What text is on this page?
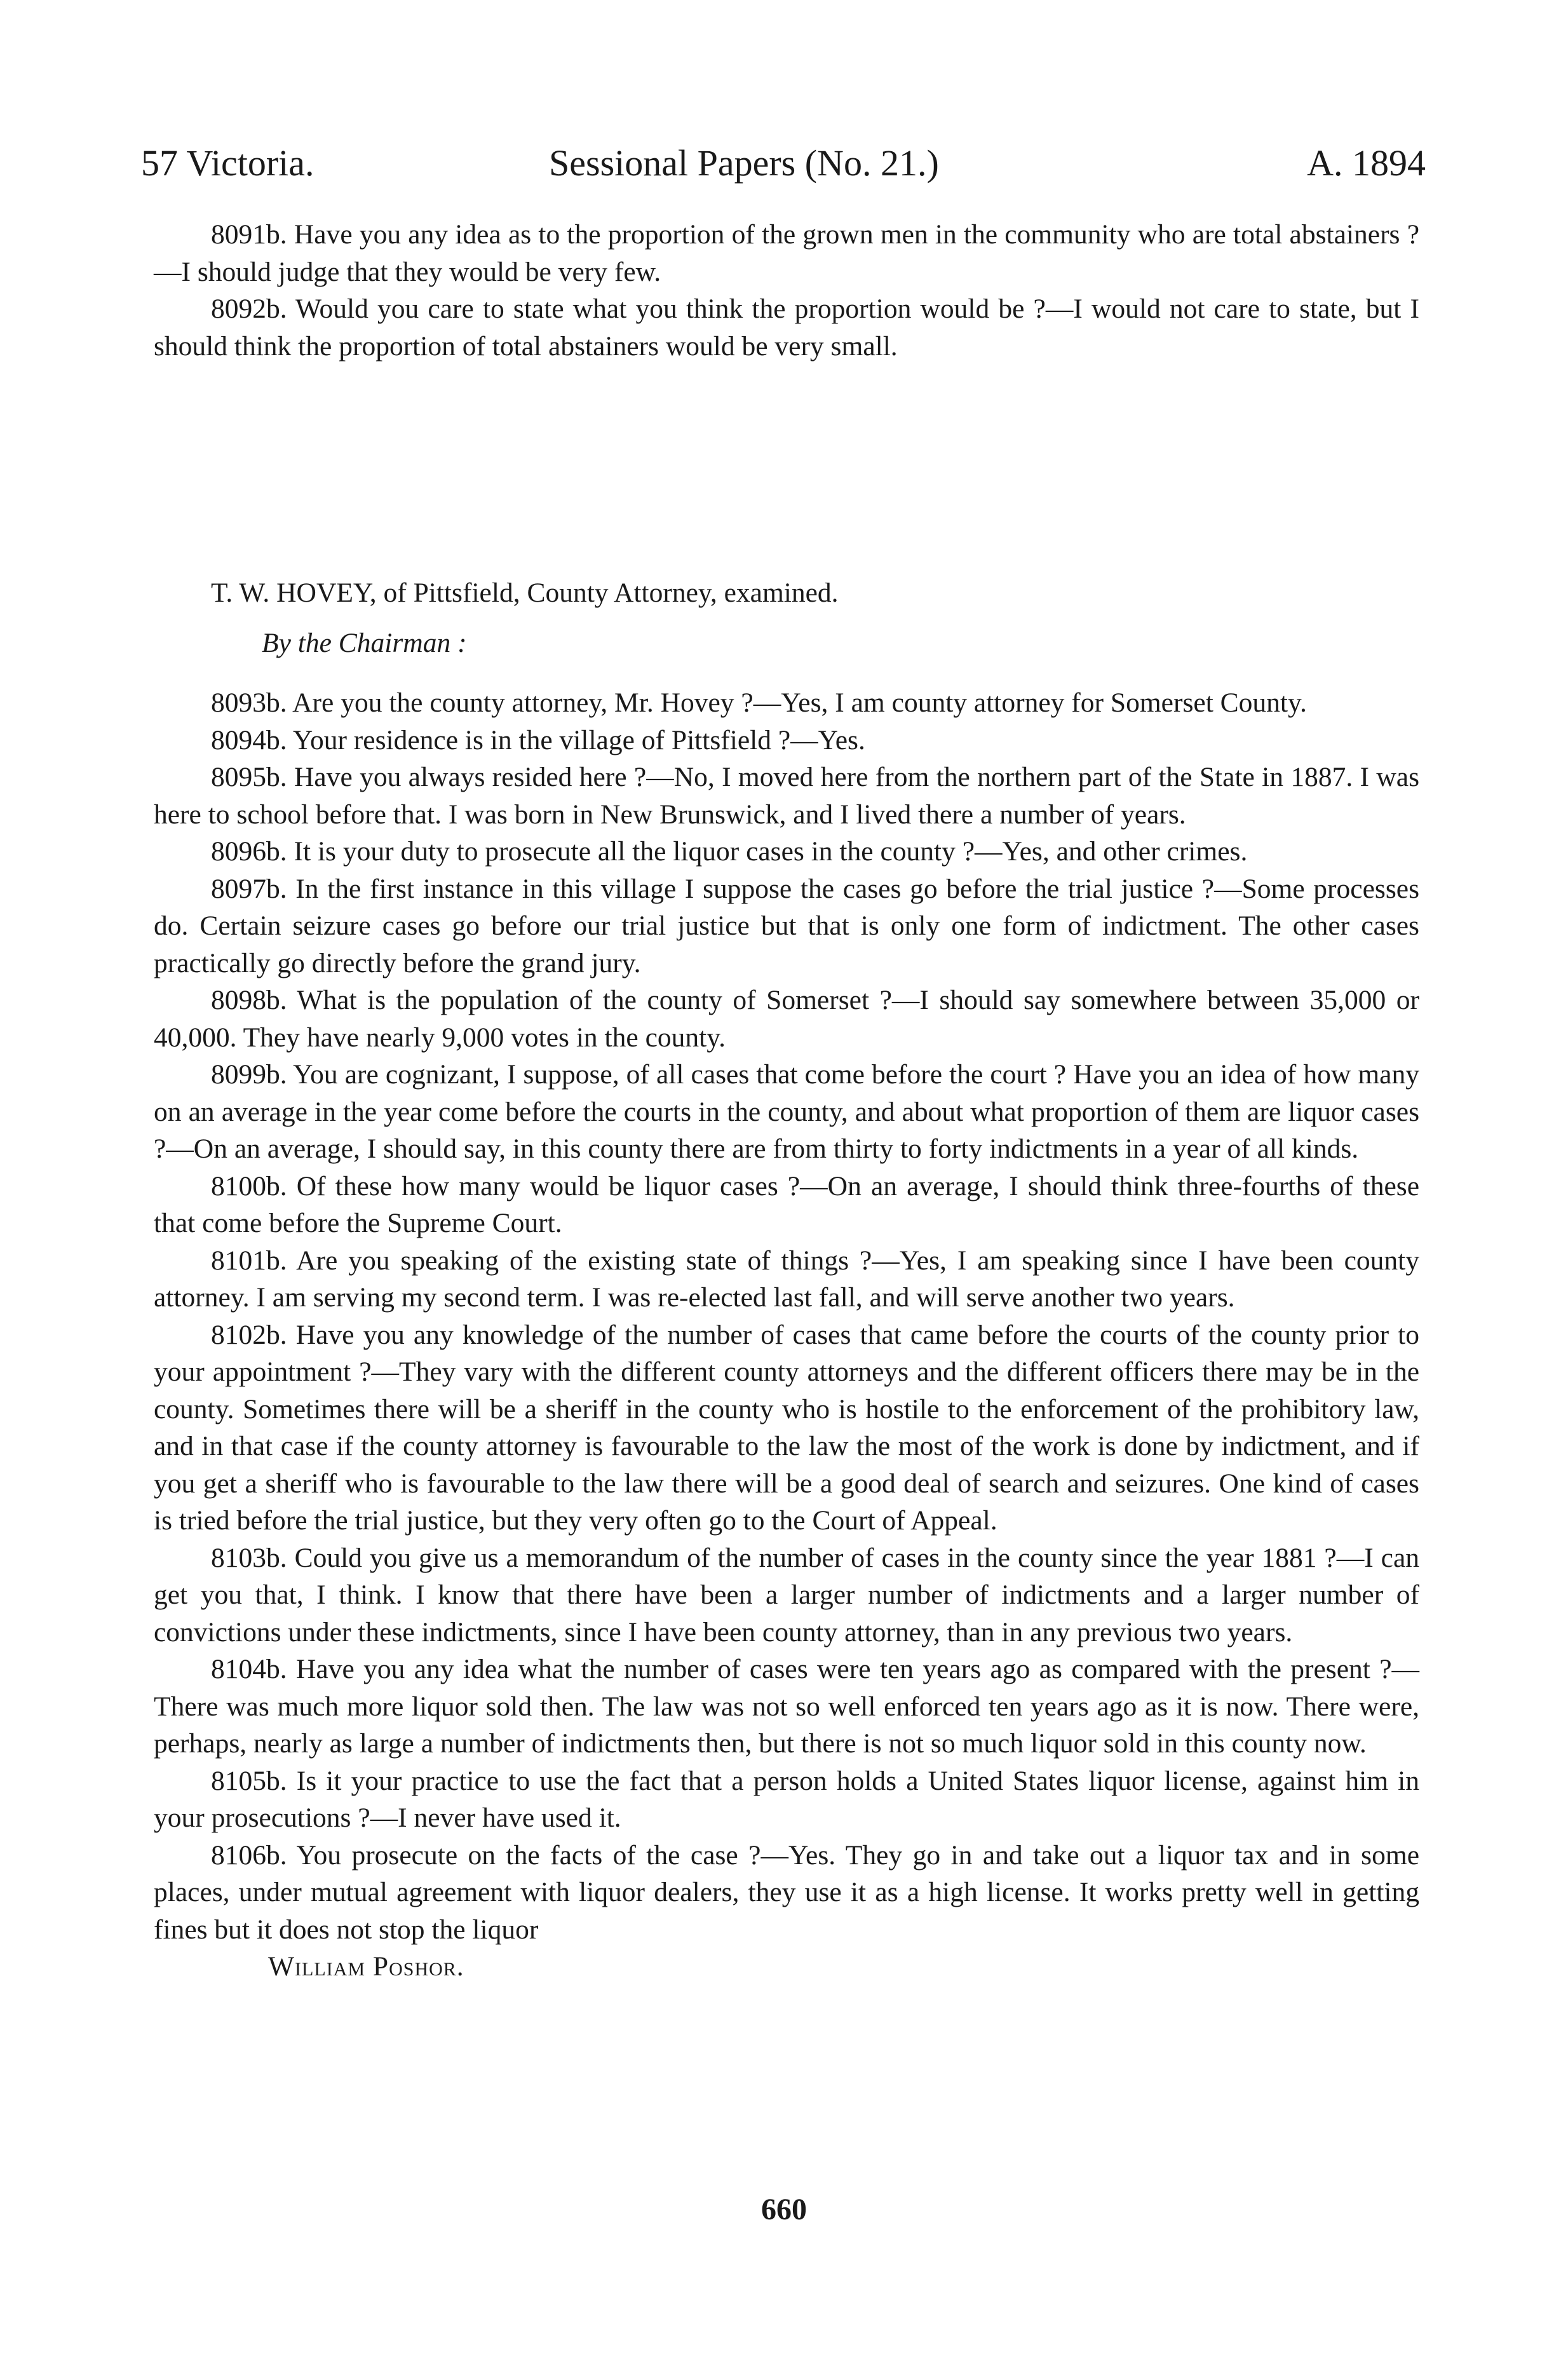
57 Victoria.	Sessional Papers (No. 21.)	A. 1894

8091b. Have you any idea as to the proportion of the grown men in the community who are total abstainers ?—I should judge that they would be very few.

8092b. Would you care to state what you think the proportion would be ?—I would not care to state, but I should think the proportion of total abstainers would be very small.

T. W. HOVEY, of Pittsfield, County Attorney, examined.

By the Chairman :

8093b. Are you the county attorney, Mr. Hovey ?—Yes, I am county attorney for Somerset County.

8094b. Your residence is in the village of Pittsfield ?—Yes.

8095b. Have you always resided here ?—No, I moved here from the northern part of the State in 1887. I was here to school before that. I was born in New Brunswick, and I lived there a number of years.

8096b. It is your duty to prosecute all the liquor cases in the county ?—Yes, and other crimes.

8097b. In the first instance in this village I suppose the cases go before the trial justice ?—Some processes do. Certain seizure cases go before our trial justice but that is only one form of indictment. The other cases practically go directly before the grand jury.

8098b. What is the population of the county of Somerset ?—I should say somewhere between 35,000 or 40,000. They have nearly 9,000 votes in the county.

8099b. You are cognizant, I suppose, of all cases that come before the court ? Have you an idea of how many on an average in the year come before the courts in the county, and about what proportion of them are liquor cases ?—On an average, I should say, in this county there are from thirty to forty indictments in a year of all kinds.

8100b. Of these how many would be liquor cases ?—On an average, I should think three-fourths of these that come before the Supreme Court.

8101b. Are you speaking of the existing state of things ?—Yes, I am speaking since I have been county attorney. I am serving my second term. I was re-elected last fall, and will serve another two years.

8102b. Have you any knowledge of the number of cases that came before the courts of the county prior to your appointment ?—They vary with the different county attorneys and the different officers there may be in the county. Sometimes there will be a sheriff in the county who is hostile to the enforcement of the prohibitory law, and in that case if the county attorney is favourable to the law the most of the work is done by indictment, and if you get a sheriff who is favourable to the law there will be a good deal of search and seizures. One kind of cases is tried before the trial justice, but they very often go to the Court of Appeal.

8103b. Could you give us a memorandum of the number of cases in the county since the year 1881 ?—I can get you that, I think. I know that there have been a larger number of indictments and a larger number of convictions under these indictments, since I have been county attorney, than in any previous two years.

8104b. Have you any idea what the number of cases were ten years ago as compared with the present ?—There was much more liquor sold then. The law was not so well enforced ten years ago as it is now. There were, perhaps, nearly as large a number of indictments then, but there is not so much liquor sold in this county now.

8105b. Is it your practice to use the fact that a person holds a United States liquor license, against him in your prosecutions ?—I never have used it.

8106b. You prosecute on the facts of the case ?—Yes. They go in and take out a liquor tax and in some places, under mutual agreement with liquor dealers, they use it as a high license. It works pretty well in getting fines but it does not stop the liquor

William Poshor.

660
